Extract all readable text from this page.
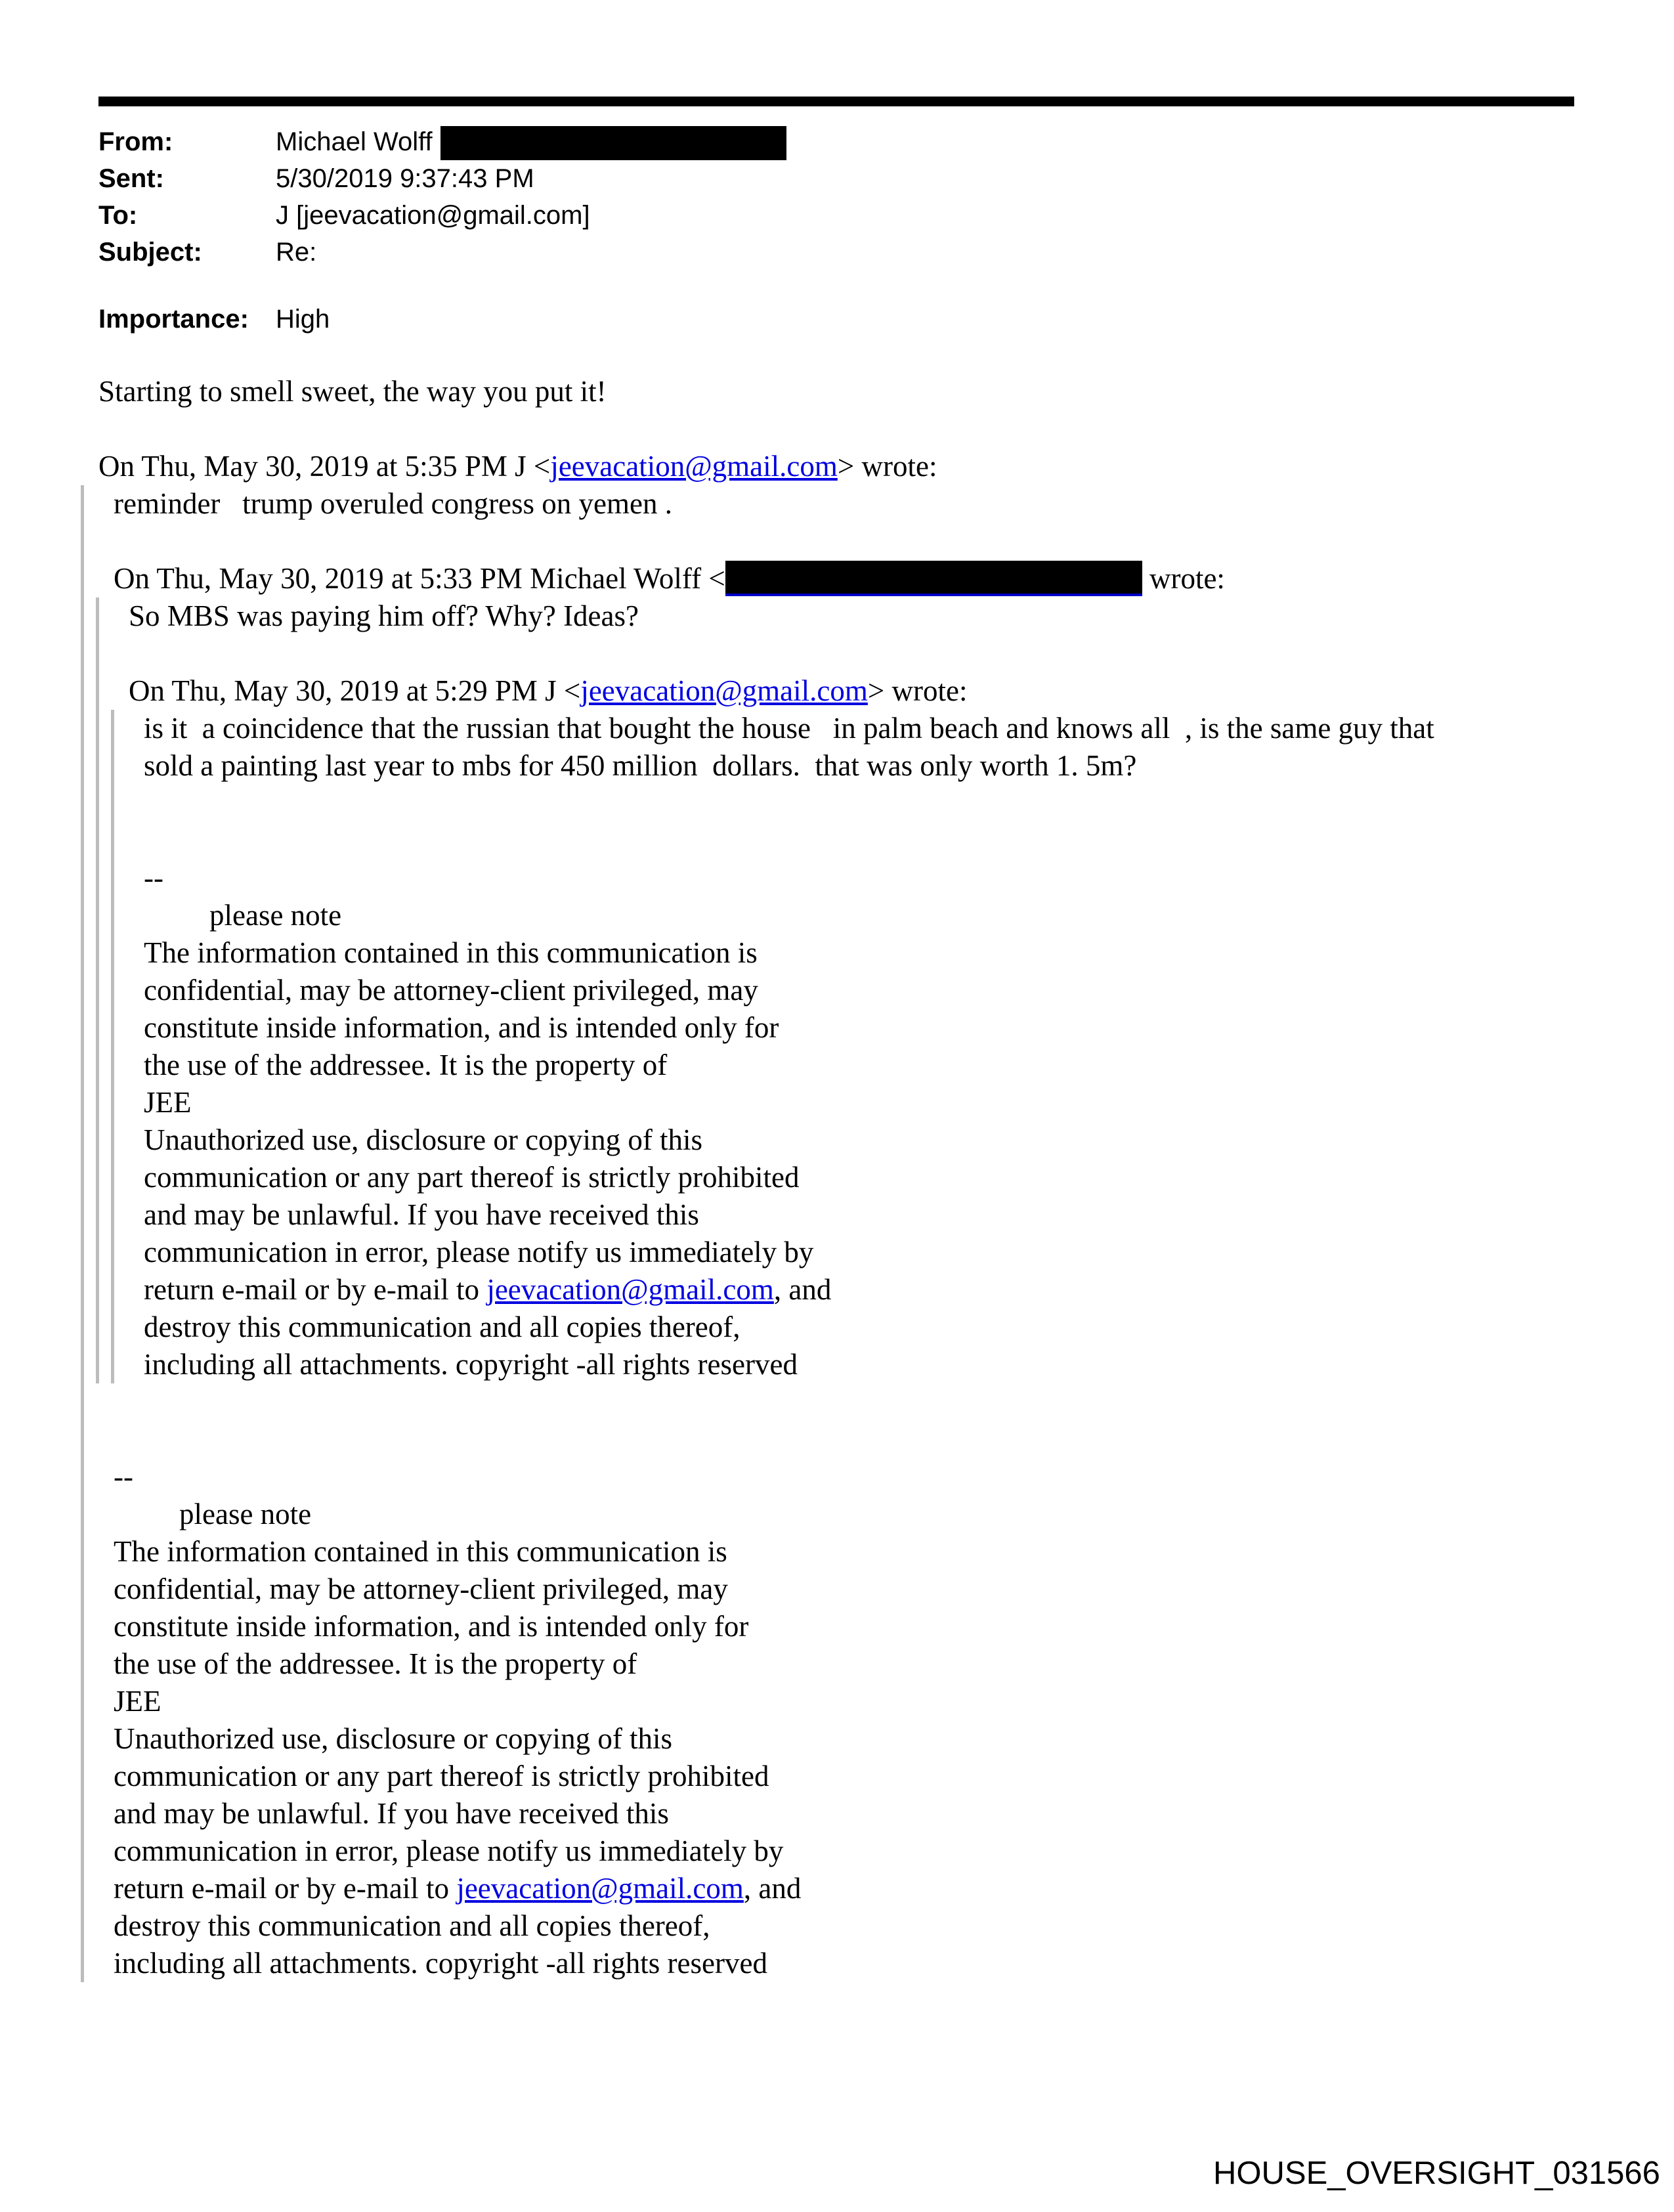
From:	Michael Wolff
Sent:	5/30/2019 9:37:43 PM
To:	J [jeevacation@gmail.com]
Subject:	Re:
Importance:	High
Starting to smell sweet, the way you put it!
On Thu, May 30, 2019 at 5:35 PM J <jeevacation@gmail.com> wrote:
reminder   trump overuled congress on yemen .
On Thu, May 30, 2019 at 5:33 PM Michael Wolff <	wrote:
So MBS was paying him off? Why? Ideas?
On Thu, May 30, 2019 at 5:29 PM J <jeevacation@gmail.com> wrote:
is it  a coincidence that the russian that bought the house   in palm beach and knows all  , is the same guy that
sold a painting last year to mbs for 450 million  dollars.  that was only worth 1. 5m?
--
please note
The information contained in this communication is
confidential, may be attorney-client privileged, may
constitute inside information, and is intended only for
the use of the addressee. It is the property of
JEE
Unauthorized use, disclosure or copying of this
communication or any part thereof is strictly prohibited
and may be unlawful. If you have received this
communication in error, please notify us immediately by
return e-mail or by e-mail to jeevacation@gmail.com, and
destroy this communication and all copies thereof,
including all attachments. copyright -all rights reserved
--
please note
The information contained in this communication is
confidential, may be attorney-client privileged, may
constitute inside information, and is intended only for
the use of the addressee. It is the property of
JEE
Unauthorized use, disclosure or copying of this
communication or any part thereof is strictly prohibited
and may be unlawful. If you have received this
communication in error, please notify us immediately by
return e-mail or by e-mail to jeevacation@gmail.com, and
destroy this communication and all copies thereof,
including all attachments. copyright -all rights reserved
HOUSE_OVERSIGHT_031566
